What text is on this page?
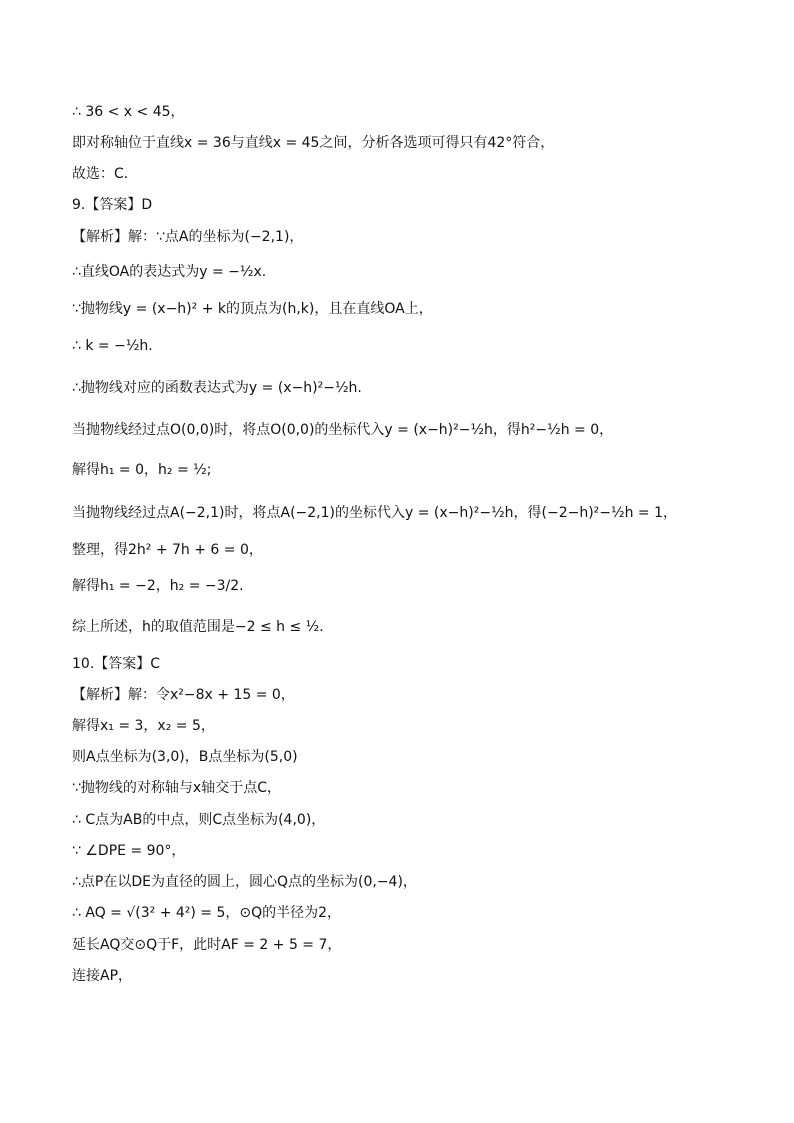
∴ 36 < x < 45，
即对称轴位于直线x = 36与直线x = 45之间，分析各选项可得只有42°符合，
故选：C．
9.【答案】D
【解析】解：∵点A的坐标为(−2,1)，
∴直线OA的表达式为y = −½x.
∵抛物线y = (x−h)² + k的顶点为(h,k)，且在直线OA上，
∴ k = −½h.
∴抛物线对应的函数表达式为y = (x−h)²−½h.
当抛物线经过点O(0,0)时，将点O(0,0)的坐标代入y = (x−h)²−½h，得h²−½h = 0，
解得h₁ = 0，h₂ = ½;
当抛物线经过点A(−2,1)时，将点A(−2,1)的坐标代入y = (x−h)²−½h，得(−2−h)²−½h = 1，
整理，得2h² + 7h + 6 = 0，
解得h₁ = −2，h₂ = −3/2.
综上所述，h的取值范围是−2 ≤ h ≤ ½.
10.【答案】C
【解析】解：令x²−8x + 15 = 0，
解得x₁ = 3，x₂ = 5，
则A点坐标为(3,0)，B点坐标为(5,0)
∵抛物线的对称轴与x轴交于点C，
∴ C点为AB的中点，则C点坐标为(4,0)，
∵ ∠DPE = 90°，
∴点P在以DE为直径的圆上，圆心Q点的坐标为(0,−4)，
∴ AQ = √(3² + 4²) = 5，⊙Q的半径为2，
延长AQ交⊙Q于F，此时AF = 2 + 5 = 7，
连接AP，
